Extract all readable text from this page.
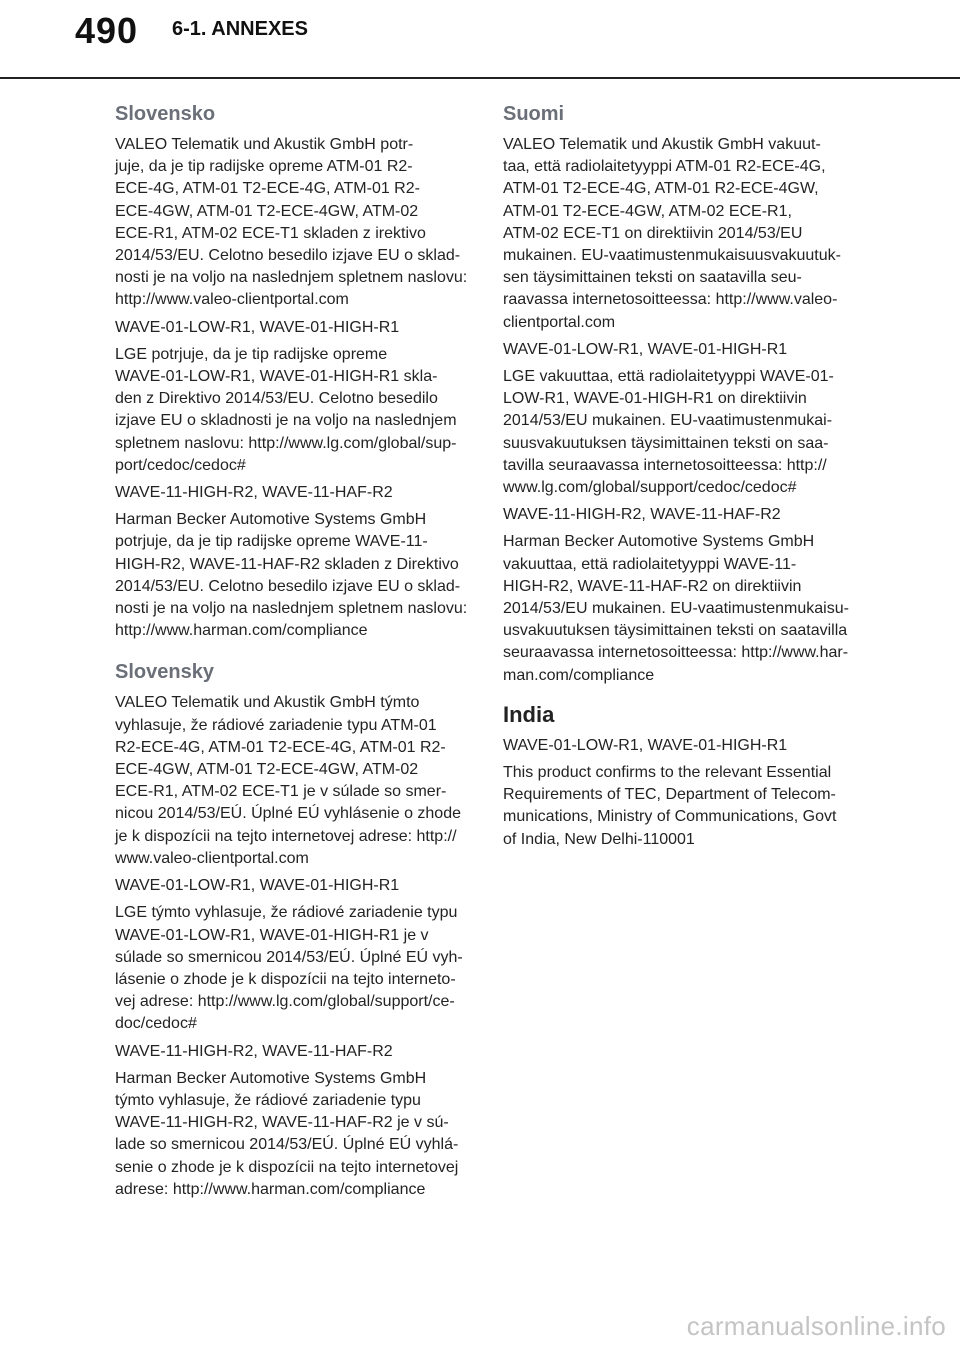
490 6-1. ANNEXES
Slovensko

VALEO Telematik und Akustik GmbH potr-
juje, da je tip radijske opreme ATM-01 R2-
ECE-4G, ATM-01 T2-ECE-4G, ATM-01 R2-
ECE-4GW, ATM-01 T2-ECE-4GW, ATM-02
ECE-R1, ATM-02 ECE-T1 skladen z irektivo
2014/53/EU. Celotno besedilo izjave EU o sklad-
nosti je na voljo na naslednjem spletnem naslovu:
http://www.valeo-clientportal.com

WAVE-01-LOW-R1, WAVE-01-HIGH-R1

LGE potrjuje, da je tip radijske opreme
WAVE-01-LOW-R1, WAVE-01-HIGH-R1 skla-
den z Direktivo 2014/53/EU. Celotno besedilo
izjave EU o skladnosti je na voljo na naslednjem
spletnem naslovu: http://www.lg.com/global/sup-
port/cedoc/cedoc#

WAVE-11-HIGH-R2, WAVE-11-HAF-R2

Harman Becker Automotive Systems GmbH
potrjuje, da je tip radijske opreme WAVE-11-
HIGH-R2, WAVE-11-HAF-R2 skladen z Direktivo
2014/53/EU. Celotno besedilo izjave EU o sklad-
nosti je na voljo na naslednjem spletnem naslovu:
http://www.harman.com/compliance

Slovensky

VALEO Telematik und Akustik GmbH týmto
vyhlasuje, že rádiové zariadenie typu ATM-01
R2-ECE-4G, ATM-01 T2-ECE-4G, ATM-01 R2-
ECE-4GW, ATM-01 T2-ECE-4GW, ATM-02
ECE-R1, ATM-02 ECE-T1 je v súlade so smer-
nicou 2014/53/EÚ. Úplné EÚ vyhlásenie o zhode
je k dispozícii na tejto internetovej adrese: http://
www.valeo-clientportal.com

WAVE-01-LOW-R1, WAVE-01-HIGH-R1

LGE týmto vyhlasuje, že rádiové zariadenie typu
WAVE-01-LOW-R1, WAVE-01-HIGH-R1 je v
súlade so smernicou 2014/53/EÚ. Úplné EÚ vyh-
lásenie o zhode je k dispozícii na tejto interneto-
vej adrese: http://www.lg.com/global/support/ce-
doc/cedoc#

WAVE-11-HIGH-R2, WAVE-11-HAF-R2

Harman Becker Automotive Systems GmbH
týmto vyhlasuje, že rádiové zariadenie typu
WAVE-11-HIGH-R2, WAVE-11-HAF-R2 je v sú-
lade so smernicou 2014/53/EÚ. Úplné EÚ vyhlá-
senie o zhode je k dispozícii na tejto internetovej
adrese: http://www.harman.com/compliance

Suomi

VALEO Telematik und Akustik GmbH vakuut-
taa, että radiolaitetyyppi ATM-01 R2-ECE-4G,
ATM-01 T2-ECE-4G, ATM-01 R2-ECE-4GW,
ATM-01 T2-ECE-4GW, ATM-02 ECE-R1,
ATM-02 ECE-T1 on direktiivin 2014/53/EU
mukainen. EU-vaatimustenmukaisuusvakuutuk-
sen täysimittainen teksti on saatavilla seu-
raavassa internetosoitteessa: http://www.valeo-
clientportal.com

WAVE-01-LOW-R1, WAVE-01-HIGH-R1

LGE vakuuttaa, että radiolaitetyyppi WAVE-01-
LOW-R1, WAVE-01-HIGH-R1 on direktiivin
2014/53/EU mukainen. EU-vaatimustenmukai-
suusvakuutuksen täysimittainen teksti on saa-
tavilla seuraavassa internetosoitteessa: http://
www.lg.com/global/support/cedoc/cedoc#

WAVE-11-HIGH-R2, WAVE-11-HAF-R2

Harman Becker Automotive Systems GmbH
vakuuttaa, että radiolaitetyyppi WAVE-11-
HIGH-R2, WAVE-11-HAF-R2 on direktiivin
2014/53/EU mukainen. EU-vaatimustenmukaisu-
usvakuutuksen täysimittainen teksti on saatavilla
seuraavassa internetosoitteessa: http://www.har-
man.com/compliance

India

WAVE-01-LOW-R1, WAVE-01-HIGH-R1

This product confirms to the relevant Essential
Requirements of TEC, Department of Telecom-
munications, Ministry of Communications, Govt
of India, New Delhi-110001

carmanualsonline.info
